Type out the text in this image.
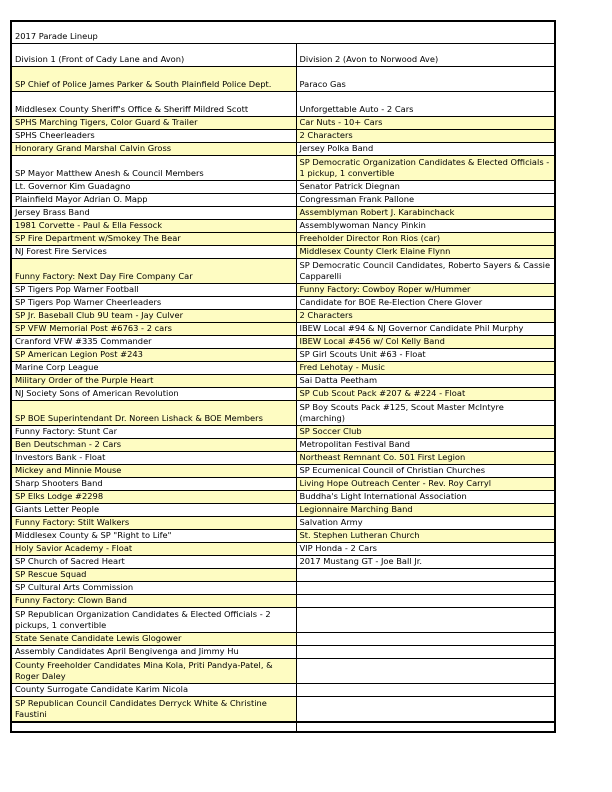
2017 Parade Lineup	
Division 1 (Front of Cady Lane and Avon)	Division 2 (Avon to Norwood Ave)
SP Chief of Police James Parker & South Plainfield Police Dept.	Paraco Gas
Middlesex County Sheriff's Office & Sheriff Mildred Scott	Unforgettable Auto - 2 Cars
SPHS Marching Tigers, Color Guard & Trailer	Car Nuts - 10+ Cars
SPHS Cheerleaders	2 Characters
Honorary Grand Marshal Calvin Gross	Jersey Polka Band
SP Mayor Matthew Anesh & Council Members	SP Democratic Organization Candidates & Elected Officials - 1 pickup, 1 convertible
Lt. Governor Kim Guadagno	Senator Patrick Diegnan
Plainfield Mayor Adrian O. Mapp	Congressman Frank Pallone
Jersey Brass Band	Assemblyman Robert J. Karabinchack
1981 Corvette - Paul & Ella Fessock	Assemblywoman Nancy Pinkin
SP Fire Department w/Smokey The Bear	Freeholder Director Ron Rios (car)
NJ Forest Fire Services	Middlesex County Clerk Elaine Flynn
Funny Factory: Next Day Fire Company Car	SP Democratic Council Candidates, Roberto Sayers & Cassie Capparelli
SP Tigers Pop Warner Football	Funny Factory: Cowboy Roper w/Hummer
SP Tigers Pop Warner Cheerleaders	Candidate for BOE Re-Election Chere Glover
SP Jr. Baseball Club 9U team - Jay Culver	2 Characters
SP VFW Memorial Post #6763 - 2 cars	IBEW Local #94 & NJ Governor Candidate Phil Murphy
Cranford VFW #335 Commander	IBEW Local #456 w/ Col Kelly Band
SP American Legion Post #243	SP Girl Scouts Unit #63 - Float
Marine Corp League	Fred Lehotay - Music
Military Order of the Purple Heart	Sai Datta Peetham
NJ Society Sons of American Revolution	SP Cub Scout Pack #207 & #224 - Float
SP BOE Superintendant Dr. Noreen Lishack & BOE Members	SP Boy Scouts Pack #125, Scout Master McIntyre (marching)
Funny Factory: Stunt Car	SP Soccer Club
Ben Deutschman - 2 Cars	Metropolitan Festival Band
Investors Bank - Float	Northeast Remnant Co. 501 First Legion
Mickey and Minnie Mouse	SP Ecumenical Council of Christian Churches
Sharp Shooters Band	Living Hope Outreach Center - Rev. Roy Carryl
SP Elks Lodge #2298	Buddha's Light International Association
Giants Letter People	Legionnaire Marching Band
Funny Factory: Stilt Walkers	Salvation Army
Middlesex County & SP "Right to Life"	St. Stephen Lutheran Church
Holy Savior Academy - Float	VIP Honda - 2 Cars
SP Church of Sacred Heart	2017 Mustang GT - Joe Ball Jr.
SP Rescue Squad	
SP Cultural Arts Commission	
Funny Factory: Clown Band	
SP Republican Organization Candidates & Elected Officials - 2 pickups, 1 convertible	
State Senate Candidate Lewis Glogower	
Assembly Candidates April Bengivenga and Jimmy Hu	
County Freeholder Candidates Mina Kola, Priti Pandya-Patel, & Roger Daley	
County Surrogate Candidate Karim Nicola	
SP Republican Council Candidates Derryck White & Christine Faustini	
